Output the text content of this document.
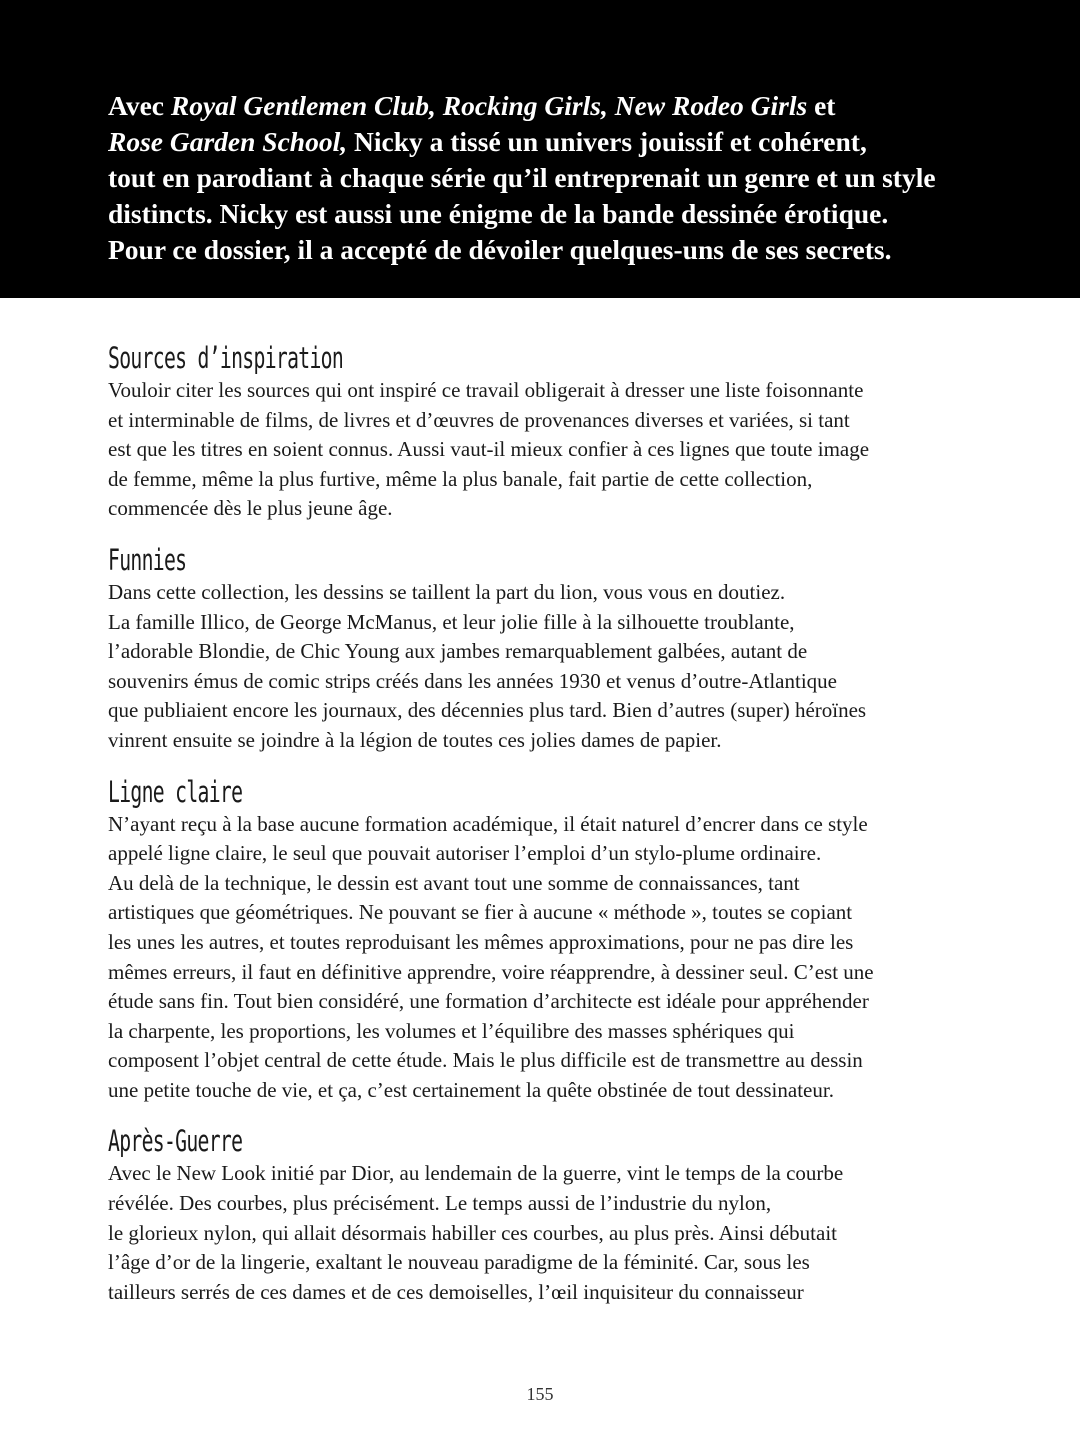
Avec Royal Gentlemen Club, Rocking Girls, New Rodeo Girls et
Rose Garden School, Nicky a tissé un univers jouissif et cohérent,
tout en parodiant à chaque série qu’il entreprenait un genre et un style
distincts. Nicky est aussi une énigme de la bande dessinée érotique.
Pour ce dossier, il a accepté de dévoiler quelques-uns de ses secrets.

Sources d’inspiration

Vouloir citer les sources qui ont inspiré ce travail obligerait à dresser une liste foisonnante
et interminable de films, de livres et d’œuvres de provenances diverses et variées, si tant
est que les titres en soient connus. Aussi vaut-il mieux confier à ces lignes que toute image
de femme, même la plus furtive, même la plus banale, fait partie de cette collection,
commencée dès le plus jeune âge.

Funnies

Dans cette collection, les dessins se taillent la part du lion, vous vous en doutiez.
La famille Illico, de George McManus, et leur jolie fille à la silhouette troublante,
l’adorable Blondie, de Chic Young aux jambes remarquablement galbées, autant de
souvenirs émus de comic strips créés dans les années 1930 et venus d’outre-Atlantique
que publiaient encore les journaux, des décennies plus tard. Bien d’autres (super) héroïnes
vinrent ensuite se joindre à la légion de toutes ces jolies dames de papier.

Ligne claire

N’ayant reçu à la base aucune formation académique, il était naturel d’encrer dans ce style
appelé ligne claire, le seul que pouvait autoriser l’emploi d’un stylo-plume ordinaire.
Au delà de la technique, le dessin est avant tout une somme de connaissances, tant
artistiques que géométriques. Ne pouvant se fier à aucune « méthode », toutes se copiant
les unes les autres, et toutes reproduisant les mêmes approximations, pour ne pas dire les
mêmes erreurs, il faut en définitive apprendre, voire réapprendre, à dessiner seul. C’est une
étude sans fin. Tout bien considéré, une formation d’architecte est idéale pour appréhender
la charpente, les proportions, les volumes et l’équilibre des masses sphériques qui
composent l’objet central de cette étude. Mais le plus difficile est de transmettre au dessin
une petite touche de vie, et ça, c’est certainement la quête obstinée de tout dessinateur.

Après-Guerre

Avec le New Look initié par Dior, au lendemain de la guerre, vint le temps de la courbe
révélée. Des courbes, plus précisément. Le temps aussi de l’industrie du nylon,
le glorieux nylon, qui allait désormais habiller ces courbes, au plus près. Ainsi débutait
l’âge d’or de la lingerie, exaltant le nouveau paradigme de la féminité. Car, sous les
tailleurs serrés de ces dames et de ces demoiselles, l’œil inquisiteur du connaisseur

155
